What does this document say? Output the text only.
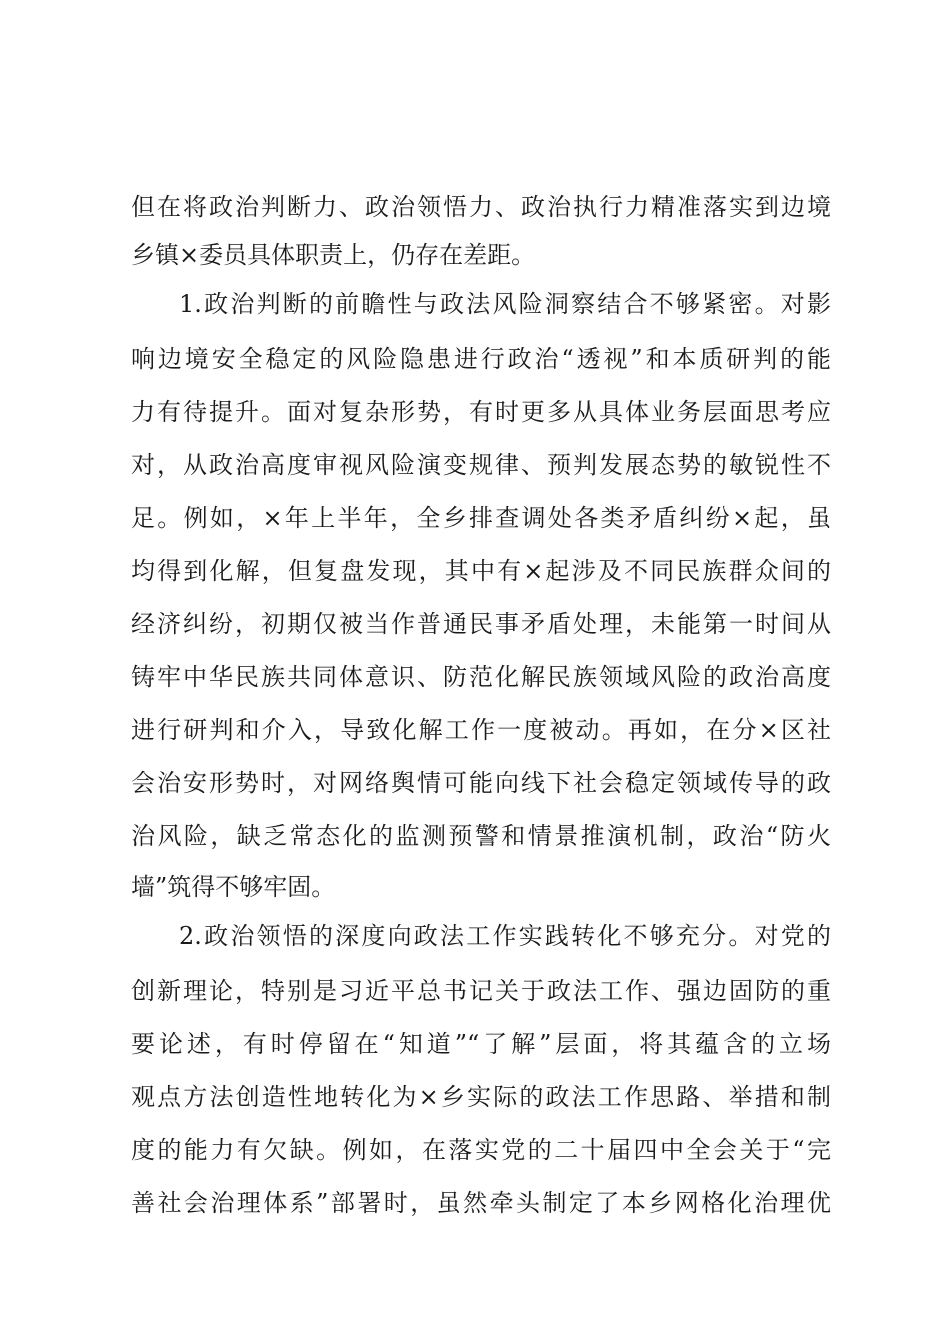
但在将政治判断力、政治领悟力、政治执行力精准落实到边境
乡镇×委员具体职责上，仍存在差距。
1.政治判断的前瞻性与政法风险洞察结合不够紧密。对影
响边境安全稳定的风险隐患进行政治“透视”和本质研判的能
力有待提升。面对复杂形势，有时更多从具体业务层面思考应
对，从政治高度审视风险演变规律、预判发展态势的敏锐性不
足。例如，×年上半年，全乡排查调处各类矛盾纠纷×起，虽
均得到化解，但复盘发现，其中有×起涉及不同民族群众间的
经济纠纷，初期仅被当作普通民事矛盾处理，未能第一时间从
铸牢中华民族共同体意识、防范化解民族领域风险的政治高度
进行研判和介入，导致化解工作一度被动。再如，在分×区社
会治安形势时，对网络舆情可能向线下社会稳定领域传导的政
治风险，缺乏常态化的监测预警和情景推演机制，政治“防火
墙”筑得不够牢固。
2.政治领悟的深度向政法工作实践转化不够充分。对党的
创新理论，特别是习近平总书记关于政法工作、强边固防的重
要论述，有时停留在“知道”“了解”层面，将其蕴含的立场
观点方法创造性地转化为×乡实际的政法工作思路、举措和制
度的能力有欠缺。例如，在落实党的二十届四中全会关于“完
善社会治理体系”部署时，虽然牵头制定了本乡网格化治理优
